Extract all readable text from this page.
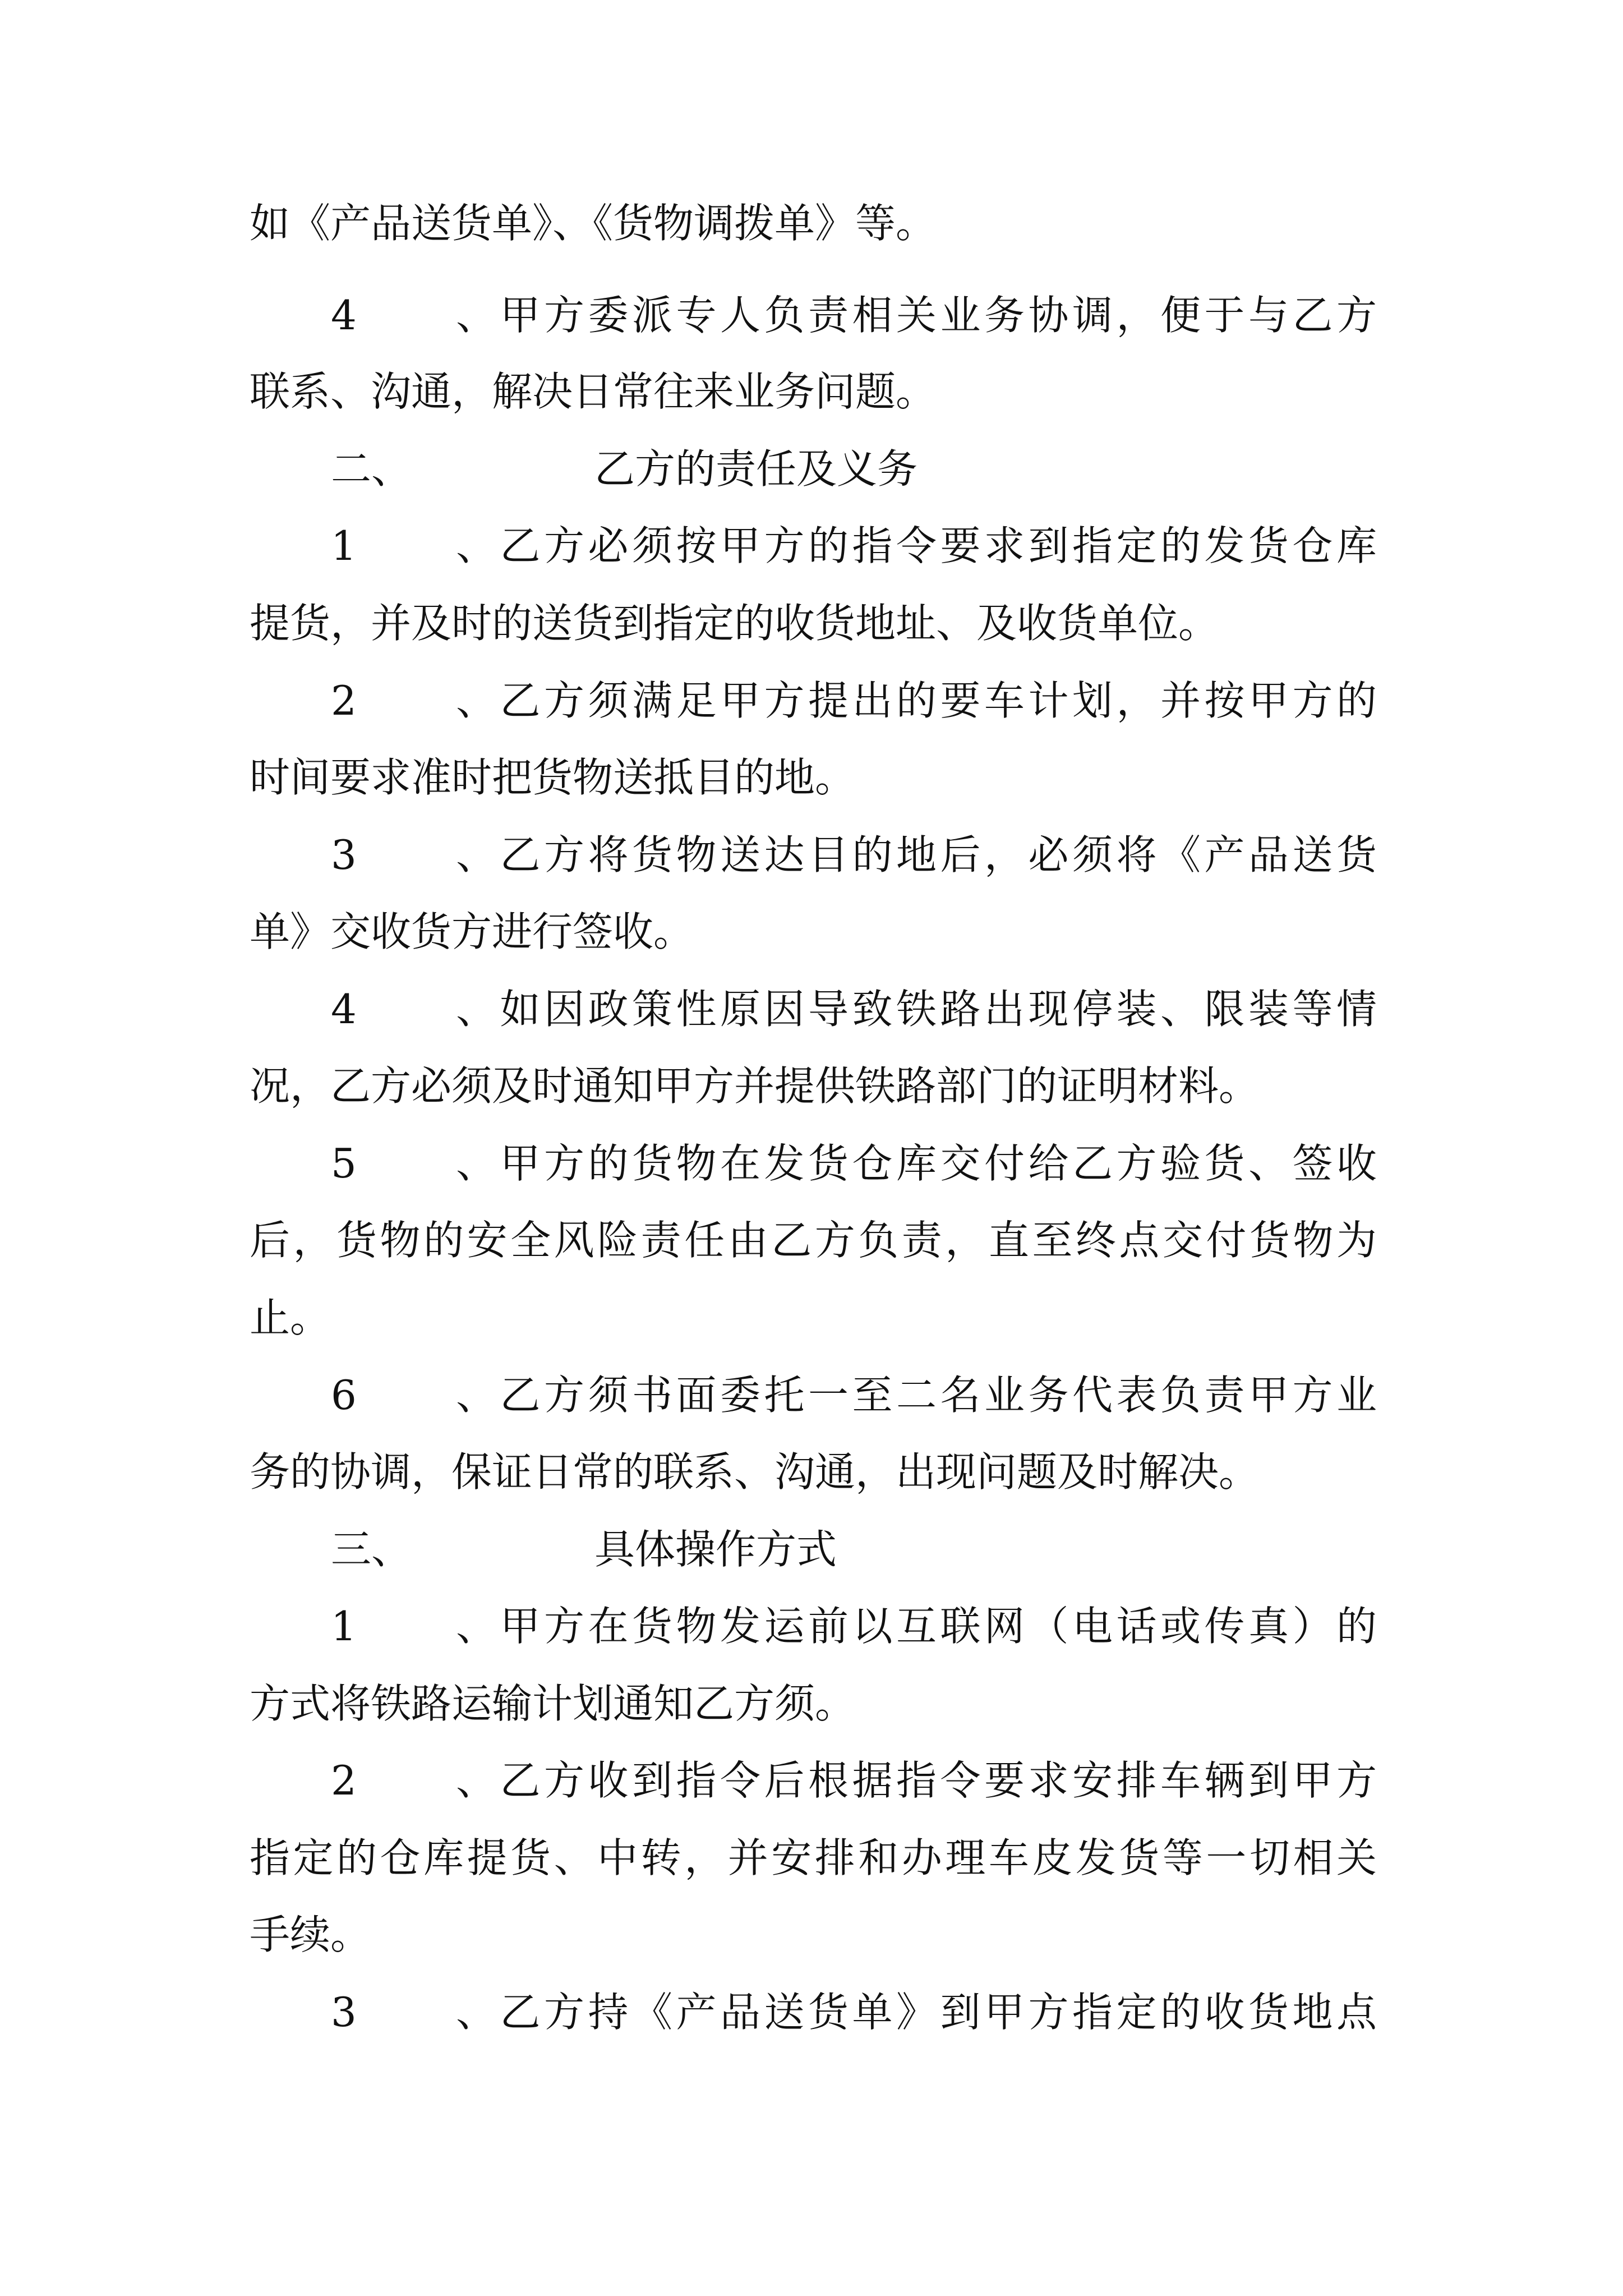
如《产品送货单》、《货物调拨单》等。

4、甲方委派专人负责相关业务协调，便于与乙方

联系、沟通，解决日常往来业务问题。

二、	乙方的责任及义务

1、乙方必须按甲方的指令要求到指定的发货仓库

提货，并及时的送货到指定的收货地址、及收货单位。

2、乙方须满足甲方提出的要车计划，并按甲方的

时间要求准时把货物送抵目的地。

3、乙方将货物送达目的地后，必须将《产品送货

单》交收货方进行签收。

4、如因政策性原因导致铁路出现停装、限装等情

况，乙方必须及时通知甲方并提供铁路部门的证明材料。

5、甲方的货物在发货仓库交付给乙方验货、签收

后，货物的安全风险责任由乙方负责，直至终点交付货物为

止。

6、乙方须书面委托一至二名业务代表负责甲方业

务的协调，保证日常的联系、沟通，出现问题及时解决。

三、	具体操作方式

1、甲方在货物发运前以互联网（电话或传真）的

方式将铁路运输计划通知乙方须。

2、乙方收到指令后根据指令要求安排车辆到甲方

指定的仓库提货、中转，并安排和办理车皮发货等一切相关

手续。

3、乙方持《产品送货单》到甲方指定的收货地点
